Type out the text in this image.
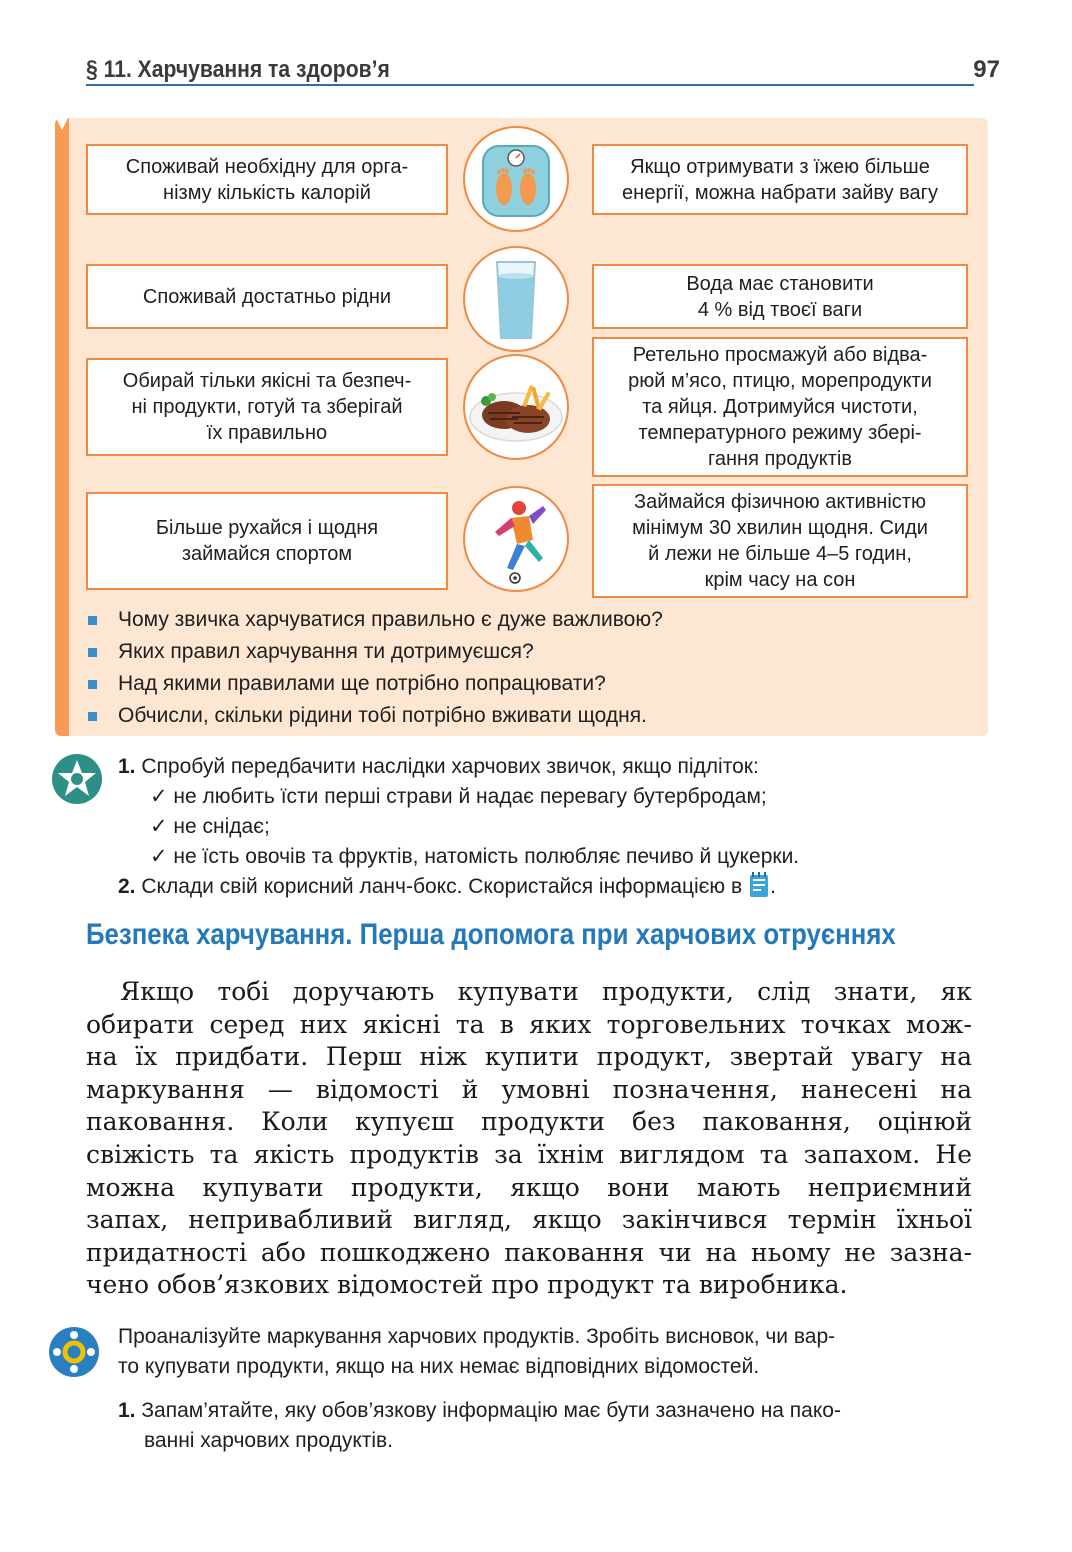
§ 11. Харчування та здоров’я	97
Споживай необхідну для орга-
нізму кількість калорій
Якщо отримувати з їжею більше
енергії, можна набрати зайву вагу
Споживай достатньо рідни
Вода має становити
4 % від твоєї ваги
Обирай тільки якісні та безпеч-
ні продукти, готуй та зберігай
їх правильно
Ретельно просмажуй або відва-
рюй м’ясо, птицю, морепродукти
та яйця. Дотримуйся чистоти,
температурного режиму збері-
гання продуктів
Більше рухайся і щодня
займайся спортом
Займайся фізичною активністю
мінімум 30 хвилин щодня. Сиди
й лежи не більше 4–5 годин,
крім часу на сон
Чому звичка харчуватися правильно є дуже важливою?
Яких правил харчування ти дотримуєшся?
Над якими правилами ще потрібно попрацювати?
Обчисли, скільки рідини тобі потрібно вживати щодня.
1. Спробуй передбачити наслідки харчових звичок, якщо підліток:
✓ не любить їсти перші страви й надає перевагу бутербродам;
✓ не снідає;
✓ не їсть овочів та фруктів, натомість полюбляє печиво й цукерки.
2. Склади свій корисний ланч-бокс. Скористайся інформацією в .
Безпека харчування. Перша допомога при харчових отруєннях
Якщо тобі доручають купувати продукти, слід знати, як
обирати серед них якісні та в яких торговельних точках мож-
на їх придбати. Перш ніж купити продукт, звертай увагу на
маркування — відомості й умовні позначення, нанесені на
паковання. Коли купуєш продукти без паковання, оцінюй
свіжість та якість продуктів за їхнім виглядом та запахом. Не
можна купувати продукти, якщо вони мають неприємний
запах, непривабливий вигляд, якщо закінчився термін їхньої
придатності або пошкоджено паковання чи на ньому не зазна-
чено обов’язкових відомостей про продукт та виробника.
Проаналізуйте маркування харчових продуктів. Зробіть висновок, чи вар-
то купувати продукти, якщо на них немає відповідних відомостей.
1. Запам’ятайте, яку обов’язкову інформацію має бути зазначено на пако-
ванні харчових продуктів.
